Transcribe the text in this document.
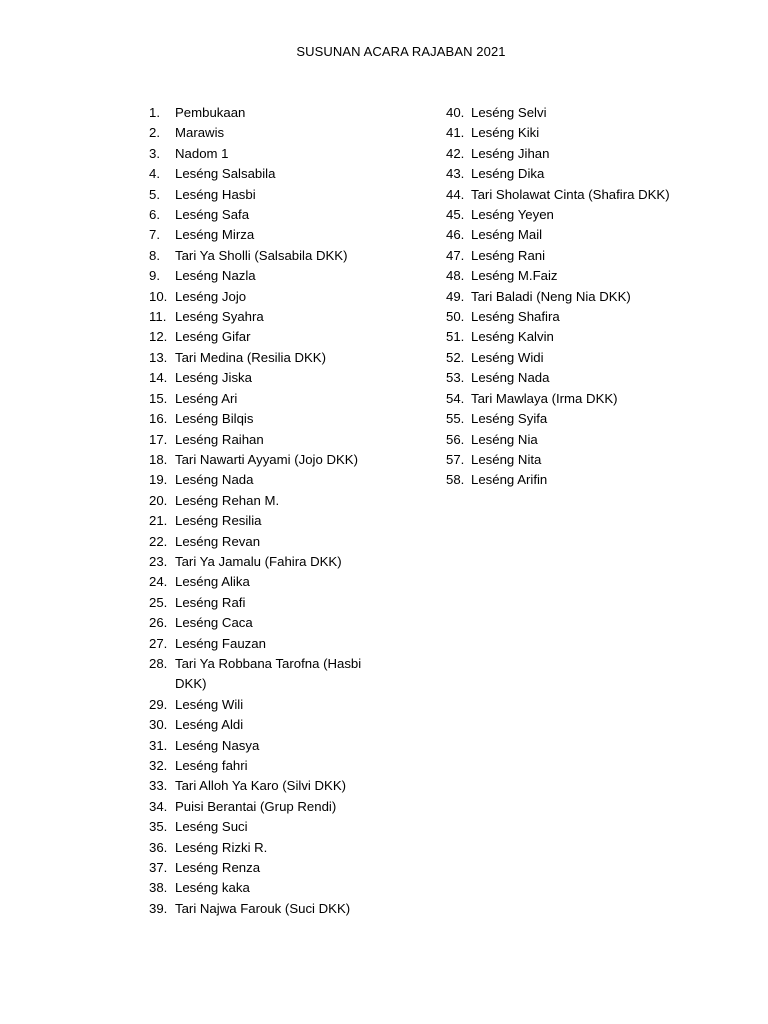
SUSUNAN ACARA RAJABAN 2021
1.	Pembukaan
2.	Marawis
3.	Nadom 1
4.	Leséng Salsabila
5.	Leséng Hasbi
6.	Leséng Safa
7.	Leséng Mirza
8.	Tari Ya Sholli (Salsabila DKK)
9.	Leséng Nazla
10. Leséng Jojo
11. Leséng Syahra
12. Leséng Gifar
13. Tari Medina (Resilia DKK)
14. Leséng Jiska
15. Leséng Ari
16. Leséng Bilqis
17. Leséng Raihan
18. Tari Nawarti Ayyami (Jojo DKK)
19. Leséng Nada
20. Leséng Rehan M.
21. Leséng Resilia
22. Leséng Revan
23. Tari Ya Jamalu (Fahira DKK)
24. Leséng Alika
25. Leséng Rafi
26. Leséng Caca
27. Leséng Fauzan
28. Tari Ya Robbana Tarofna (Hasbi DKK)
29. Leséng Wili
30. Leséng Aldi
31. Leséng Nasya
32. Leséng fahri
33. Tari Alloh Ya Karo (Silvi DKK)
34. Puisi Berantai (Grup Rendi)
35. Leséng Suci
36. Leséng Rizki R.
37. Leséng Renza
38. Leséng kaka
39. Tari Najwa Farouk (Suci DKK)
40. Leséng Selvi
41. Leséng Kiki
42. Leséng Jihan
43. Leséng Dika
44. Tari Sholawat Cinta (Shafira DKK)
45. Leséng Yeyen
46. Leséng Mail
47. Leséng Rani
48. Leséng M.Faiz
49. Tari Baladi (Neng Nia DKK)
50. Leséng Shafira
51. Leséng Kalvin
52. Leséng Widi
53. Leséng Nada
54. Tari Mawlaya (Irma DKK)
55. Leséng Syifa
56. Leséng Nia
57. Leséng Nita
58. Leséng Arifin
